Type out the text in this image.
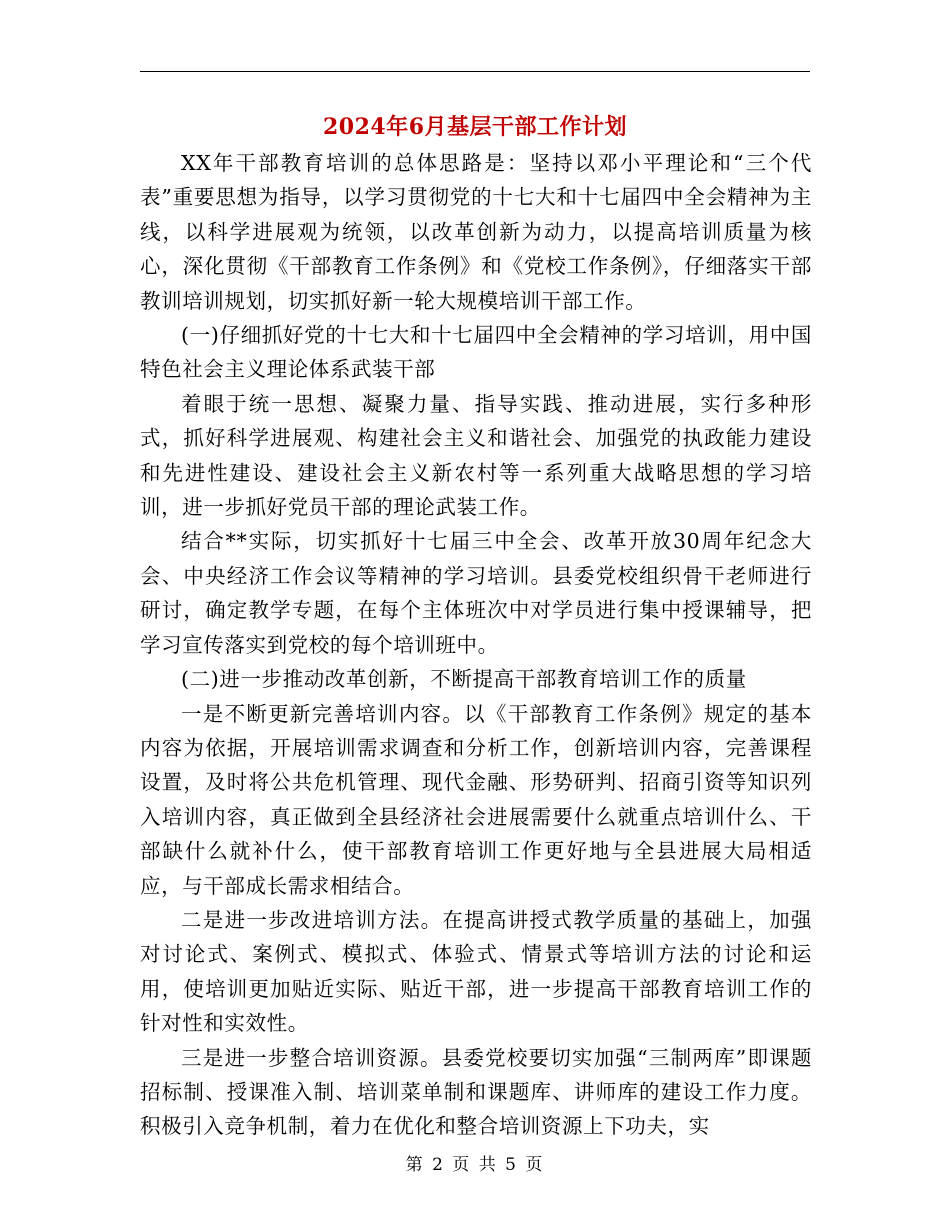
2024年6月基层干部工作计划

XX年干部教育培训的总体思路是：坚持以邓小平理论和“三个代表”重要思想为指导，以学习贯彻党的十七大和十七届四中全会精神为主线，以科学进展观为统领，以改革创新为动力，以提高培训质量为核心，深化贯彻《干部教育工作条例》和《党校工作条例》，仔细落实干部教训培训规划，切实抓好新一轮大规模培训干部工作。

(一)仔细抓好党的十七大和十七届四中全会精神的学习培训，用中国特色社会主义理论体系武装干部

着眼于统一思想、凝聚力量、指导实践、推动进展，实行多种形式，抓好科学进展观、构建社会主义和谐社会、加强党的执政能力建设和先进性建设、建设社会主义新农村等一系列重大战略思想的学习培训，进一步抓好党员干部的理论武装工作。

结合**实际，切实抓好十七届三中全会、改革开放30周年纪念大会、中央经济工作会议等精神的学习培训。县委党校组织骨干老师进行研讨，确定教学专题，在每个主体班次中对学员进行集中授课辅导，把学习宣传落实到党校的每个培训班中。

(二)进一步推动改革创新，不断提高干部教育培训工作的质量

一是不断更新完善培训内容。以《干部教育工作条例》规定的基本内容为依据，开展培训需求调查和分析工作，创新培训内容，完善课程设置，及时将公共危机管理、现代金融、形势研判、招商引资等知识列入培训内容，真正做到全县经济社会进展需要什么就重点培训什么、干部缺什么就补什么，使干部教育培训工作更好地与全县进展大局相适应，与干部成长需求相结合。

二是进一步改进培训方法。在提高讲授式教学质量的基础上，加强对讨论式、案例式、模拟式、体验式、情景式等培训方法的讨论和运用，使培训更加贴近实际、贴近干部，进一步提高干部教育培训工作的针对性和实效性。

三是进一步整合培训资源。县委党校要切实加强“三制两库”即课题招标制、授课准入制、培训菜单制和课题库、讲师库的建设工作力度。积极引入竞争机制，着力在优化和整合培训资源上下功夫，实

第 2 页 共 5 页
